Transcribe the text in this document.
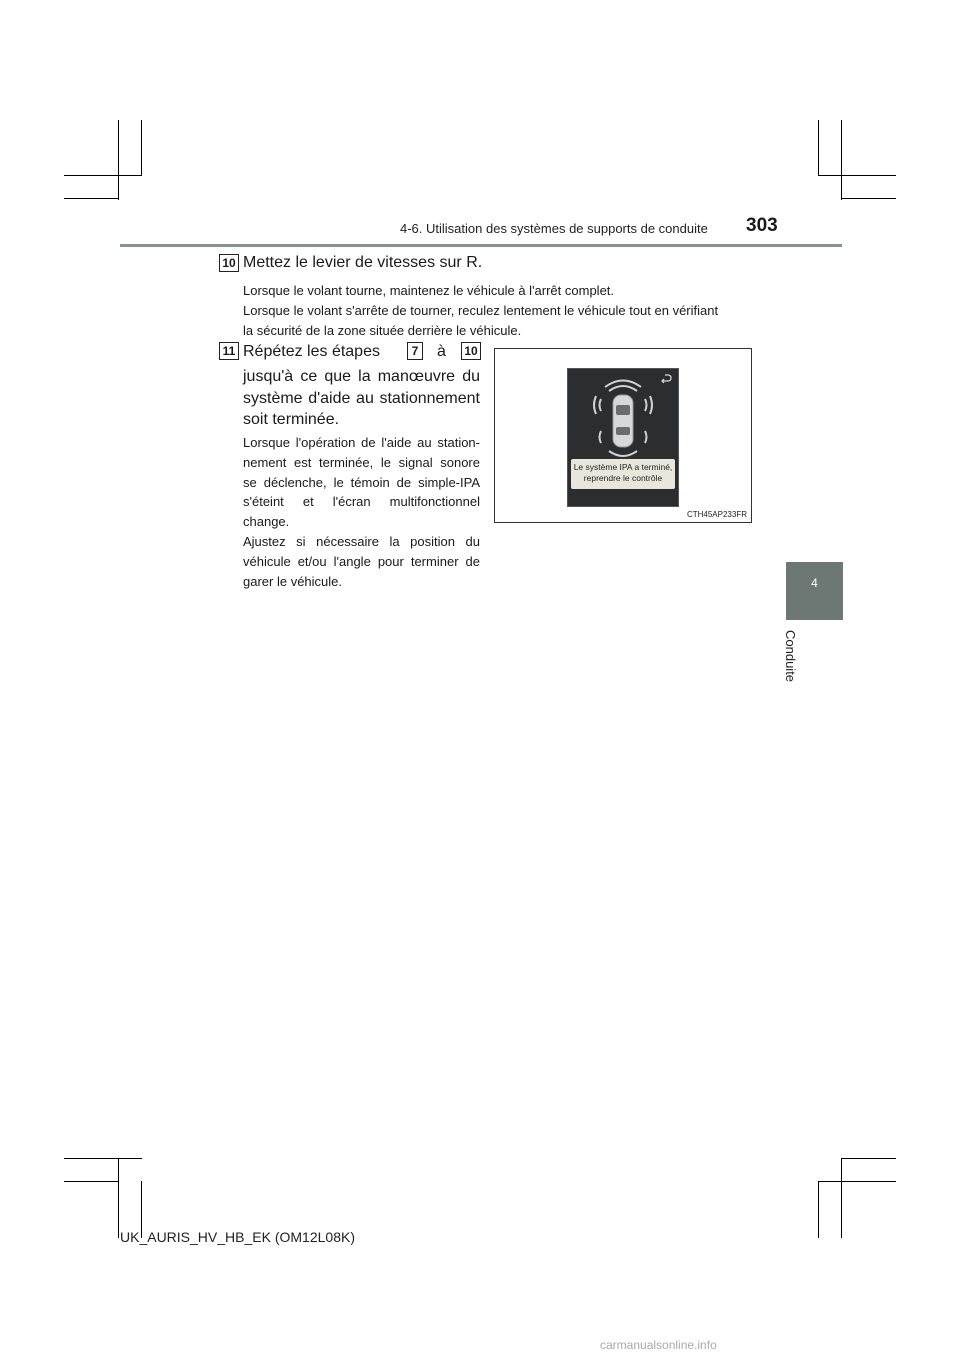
4-6. Utilisation des systèmes de supports de conduite 303
4
Conduite
10 Mettez le levier de vitesses sur R.
Lorsque le volant tourne, maintenez le véhicule à l'arrêt complet.
Lorsque le volant s'arrête de tourner, reculez lentement le véhicule tout en vérifiant
la sécurité de la zone située derrière le véhicule.
11 Répétez les étapes	7 à 10
jusqu'à ce que la manœuvre du
système d'aide au stationnement
soit terminée.
Lorsque l'opération de l'aide au station-
nement est terminée, le signal sonore
se déclenche, le témoin de simple-IPA
s'éteint et l'écran multifonctionnel
change.
Ajustez si nécessaire la position du
véhicule et/ou l'angle pour terminer de
garer le véhicule.
Le système IPA a terminé,
reprendre le contrôle
CTH45AP233FR
UK_AURIS_HV_HB_EK (OM12L08K)
carmanualsonline.info
